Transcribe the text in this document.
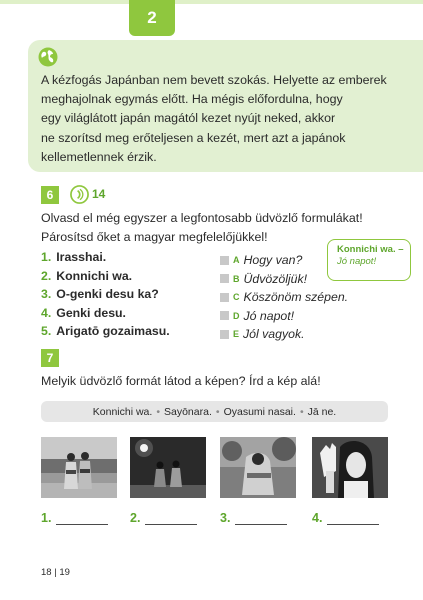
2
A kézfogás Japánban nem bevett szokás. Helyette az emberek
meghajolnak egymás előtt. Ha mégis előfordulna, hogy
egy világlátott japán magától kezet nyújt neked, akkor
ne szorítsd meg erőteljesen a kezét, mert azt a japánok
kellemetlennek érzik.
6	14
Olvasd el még egyszer a legfontosabb üdvözlő formulákat!
Párosítsd őket a magyar megfelelőjükkel!
1. Irasshai.
2. Konnichi wa.
3. O-genki desu ka?
4. Genki desu.
5. Arigatō gozaimasu.
A Hogy van?
B Üdvözöljük!
C Köszönöm szépen.
D Jó napot!
E Jól vagyok.
Konnichi wa. –
Jó napot!
7
Melyik üdvözlő formát látod a képen? Írd a kép alá!
Konnichi wa. • Sayōnara. • Oyasumi nasai. • Jā ne.
1.	2.	3.	4.
18 | 19
